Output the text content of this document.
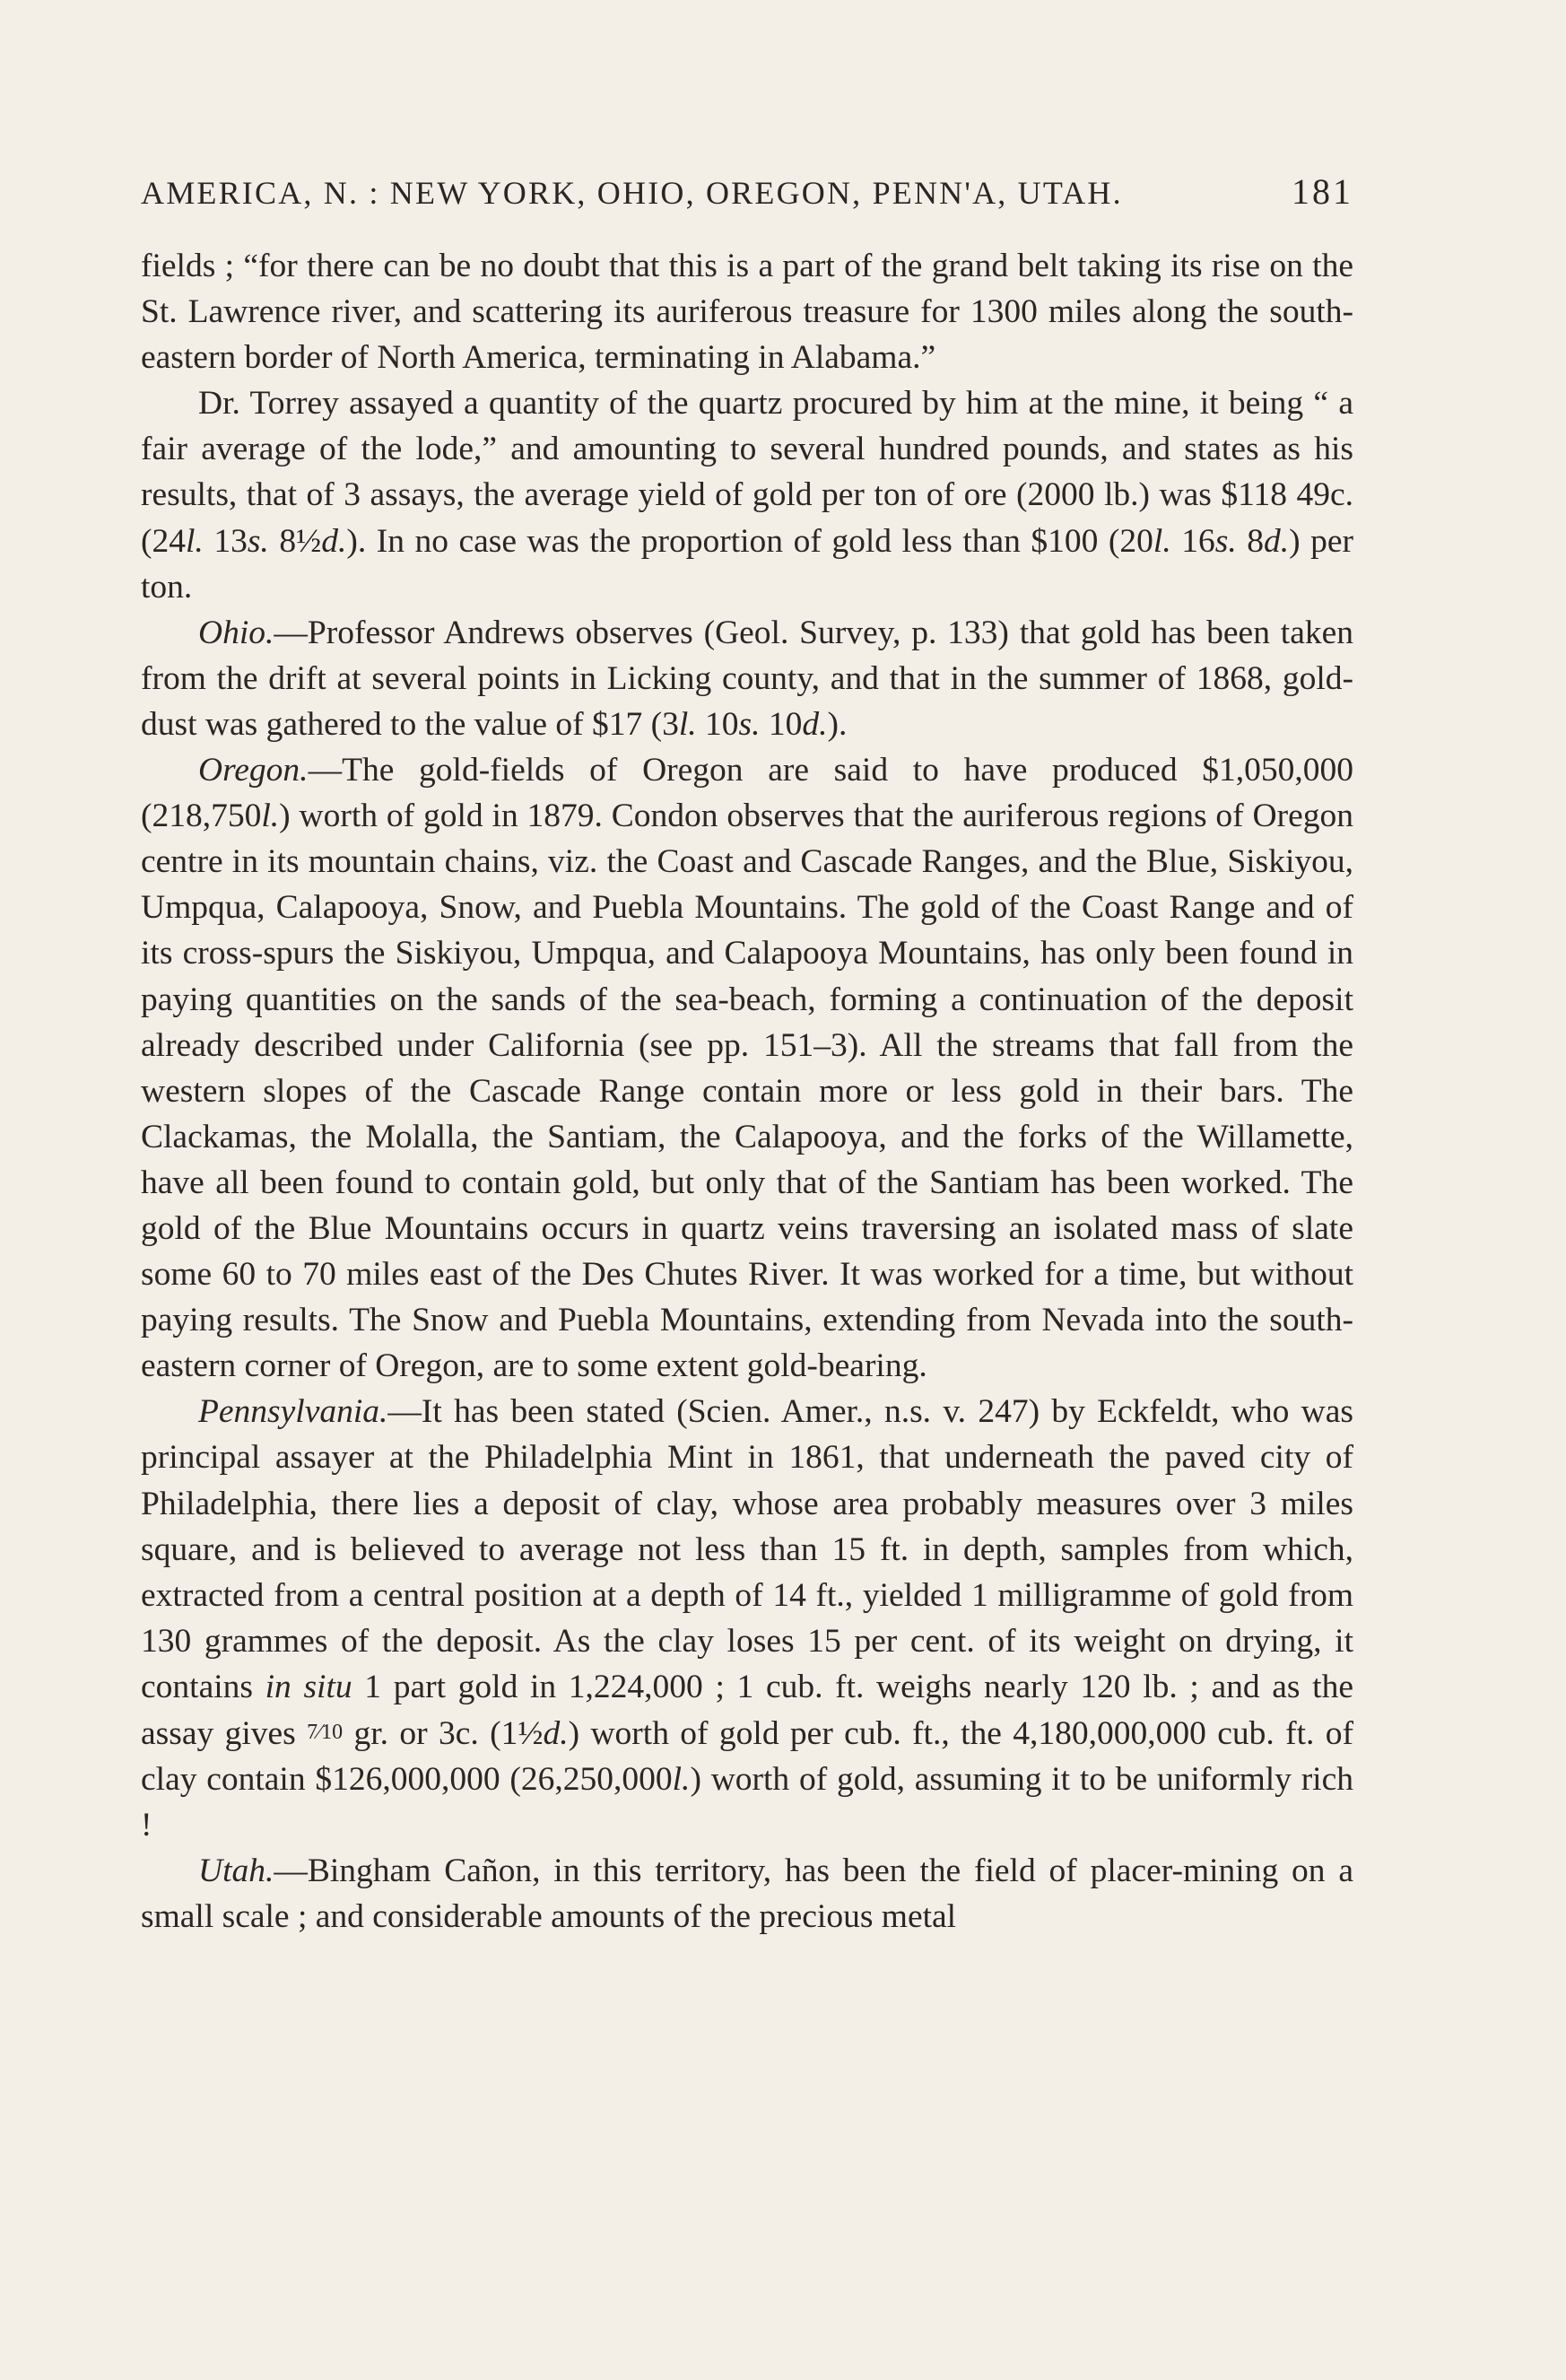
AMERICA, N. : NEW YORK, OHIO, OREGON, PENN'A, UTAH.	181

fields ; “for there can be no doubt that this is a part of the grand belt taking its rise on the St. Lawrence river, and scattering its auriferous treasure for 1300 miles along the south-eastern border of North America, terminating in Alabama.”

Dr. Torrey assayed a quantity of the quartz procured by him at the mine, it being “ a fair average of the lode,” and amounting to several hundred pounds, and states as his results, that of 3 assays, the average yield of gold per ton of ore (2000 lb.) was $118 49c. (24l. 13s. 8½d.). In no case was the proportion of gold less than $100 (20l. 16s. 8d.) per ton.

Ohio.—Professor Andrews observes (Geol. Survey, p. 133) that gold has been taken from the drift at several points in Licking county, and that in the summer of 1868, gold-dust was gathered to the value of $17 (3l. 10s. 10d.).

Oregon.—The gold-fields of Oregon are said to have produced $1,050,000 (218,750l.) worth of gold in 1879. Condon observes that the auriferous regions of Oregon centre in its mountain chains, viz. the Coast and Cascade Ranges, and the Blue, Siskiyou, Umpqua, Calapooya, Snow, and Puebla Mountains. The gold of the Coast Range and of its cross-spurs the Siskiyou, Umpqua, and Calapooya Mountains, has only been found in paying quantities on the sands of the sea-beach, forming a continuation of the deposit already described under California (see pp. 151–3). All the streams that fall from the western slopes of the Cascade Range contain more or less gold in their bars. The Clackamas, the Molalla, the Santiam, the Calapooya, and the forks of the Willamette, have all been found to contain gold, but only that of the Santiam has been worked. The gold of the Blue Mountains occurs in quartz veins traversing an isolated mass of slate some 60 to 70 miles east of the Des Chutes River. It was worked for a time, but without paying results. The Snow and Puebla Mountains, extending from Nevada into the south-eastern corner of Oregon, are to some extent gold-bearing.

Pennsylvania.—It has been stated (Scien. Amer., n.s. v. 247) by Eckfeldt, who was principal assayer at the Philadelphia Mint in 1861, that underneath the paved city of Philadelphia, there lies a deposit of clay, whose area probably measures over 3 miles square, and is believed to average not less than 15 ft. in depth, samples from which, extracted from a central position at a depth of 14 ft., yielded 1 milligramme of gold from 130 grammes of the deposit. As the clay loses 15 per cent. of its weight on drying, it contains in situ 1 part gold in 1,224,000 ; 1 cub. ft. weighs nearly 120 lb. ; and as the assay gives 7⁄10 gr. or 3c. (1½d.) worth of gold per cub. ft., the 4,180,000,000 cub. ft. of clay contain $126,000,000 (26,250,000l.) worth of gold, assuming it to be uniformly rich !

Utah.—Bingham Cañon, in this territory, has been the field of placer-mining on a small scale ; and considerable amounts of the precious metal
